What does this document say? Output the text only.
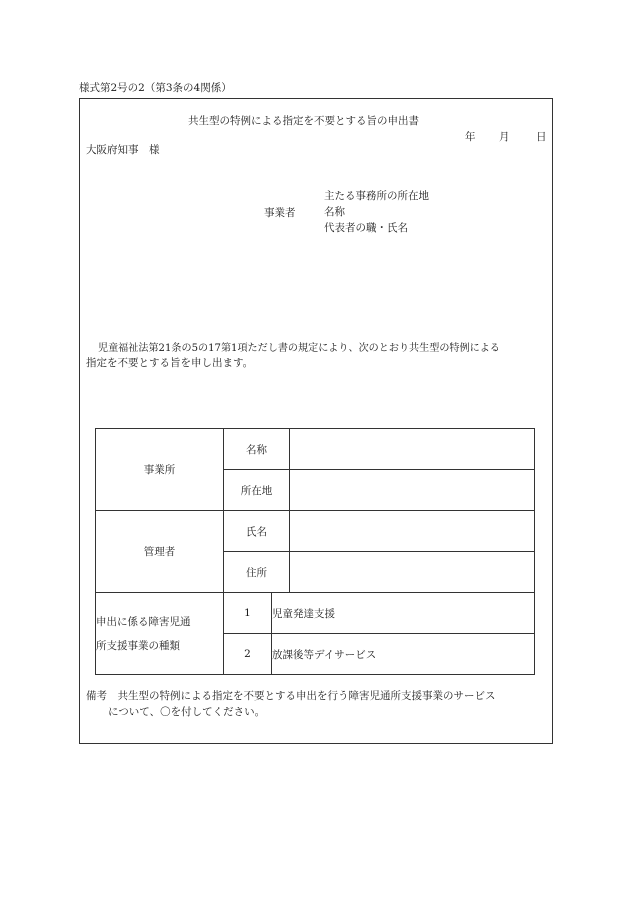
様式第2号の2（第3条の4関係）
共生型の特例による指定を不要とする旨の申出書
年 月	日
大阪府知事　様
事業者
主たる事務所の所在地
名称
代表者の職・氏名
児童福祉法第21条の5の17第1項ただし書の規定により、次のとおり共生型の特例による
指定を不要とする旨を申し出ます。
事業所	名称		
	所在地		
管理者	氏名		
	住所		

申出に係る障害児通
所支援事業の種類	1	児童発達支援	
	2	放課後等デイサービス	
備考　共生型の特例による指定を不要とする申出を行う障害児通所支援事業のサービス
について、〇を付してください。
